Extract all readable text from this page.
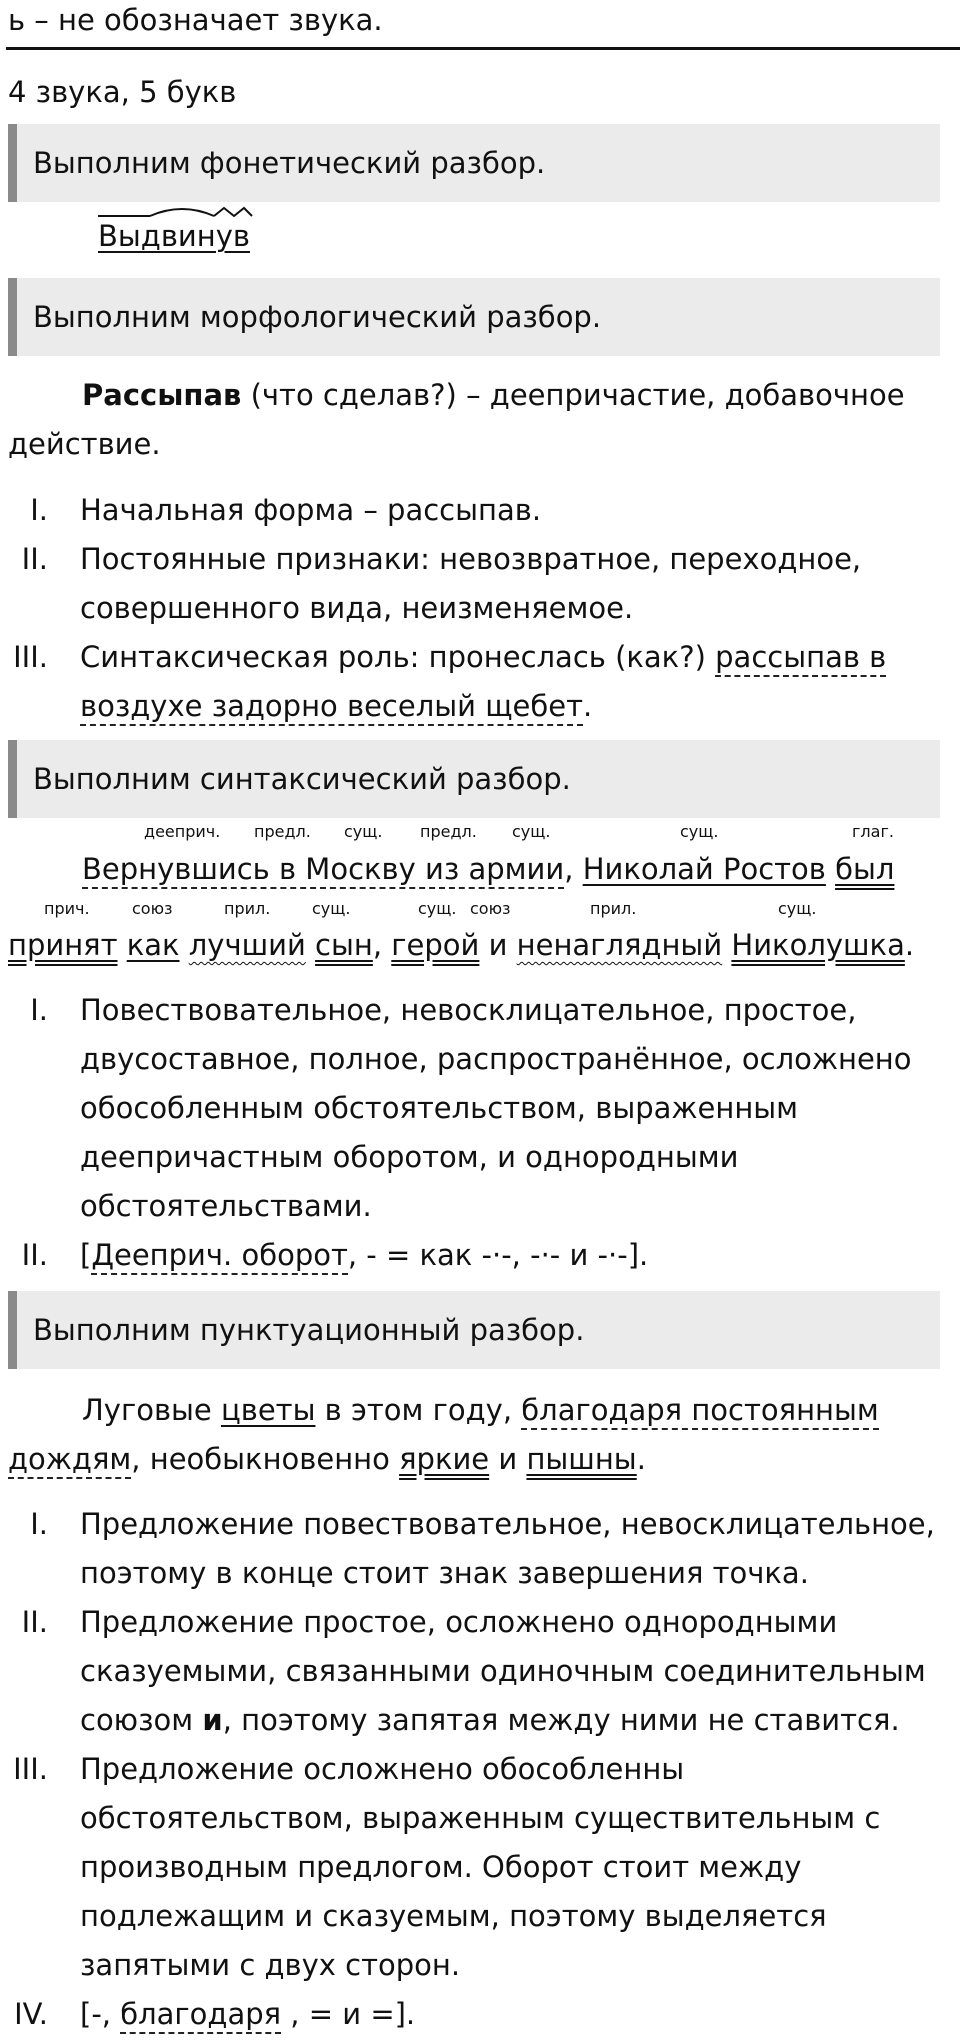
ь – не обозначает звука.
4 звука, 5 букв
Выполним фонетический разбор.
Выдвинув
Выполним морфологический разбор.
Рассыпав (что сделав?) – деепричастие, добавочное действие.
I. Начальная форма – рассыпав.
II. Постоянные признаки: невозвратное, переходное, совершенного вида, неизменяемое.
III. Синтаксическая роль: пронеслась (как?) рассыпав в воздухе задорно веселый щебет.
Выполним синтаксический разбор.
дееприч. предл. сущ. предл. сущ.	сущ.	глаг.
Вернувшись в Москву из армии, Николай Ростов был
прич.	союз	прил.	сущ.	сущ. союз	прил.	сущ.
принят как лучший сын, герой и ненаглядный Николушка.
I. Повествовательное, невосклицательное, простое, двусоставное, полное, распространённое, осложнено обособленным обстоятельством, выраженным деепричастным оборотом, и однородными обстоятельствами.
II. [Дееприч. оборот, - = как -·-, -·- и -·-].
Выполним пунктуационный разбор.
Луговые цветы в этом году, благодаря постоянным дождям, необыкновенно яркие и пышны.
I. Предложение повествовательное, невосклицательное, поэтому в конце стоит знак завершения точка.
II. Предложение простое, осложнено однородными сказуемыми, связанными одиночным соединительным союзом и, поэтому запятая между ними не ставится.
III. Предложение осложнено обособленны обстоятельством, выраженным существительным с производным предлогом. Оборот стоит между подлежащим и сказуемым, поэтому выделяется запятыми с двух сторон.
IV. [-, благодаря , = и =].
